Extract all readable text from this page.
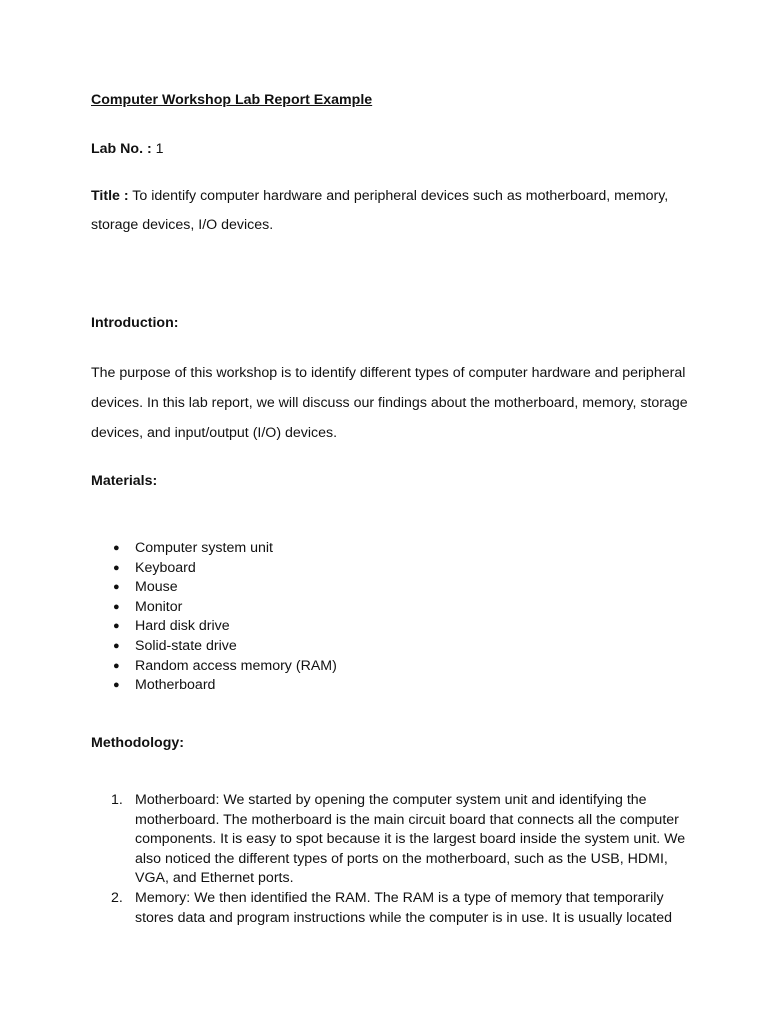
Computer Workshop Lab Report Example
Lab No. : 1
Title : To identify computer hardware and peripheral devices such as motherboard, memory,
storage devices, I/O devices.
Introduction:
The purpose of this workshop is to identify different types of computer hardware and peripheral
devices. In this lab report, we will discuss our findings about the motherboard, memory, storage
devices, and input/output (I/O) devices.
Materials:
● Computer system unit
● Keyboard
● Mouse
● Monitor
● Hard disk drive
● Solid-state drive
● Random access memory (RAM)
● Motherboard
Methodology:
1. Motherboard: We started by opening the computer system unit and identifying the
motherboard. The motherboard is the main circuit board that connects all the computer
components. It is easy to spot because it is the largest board inside the system unit. We
also noticed the different types of ports on the motherboard, such as the USB, HDMI,
VGA, and Ethernet ports.
2. Memory: We then identified the RAM. The RAM is a type of memory that temporarily
stores data and program instructions while the computer is in use. It is usually located
